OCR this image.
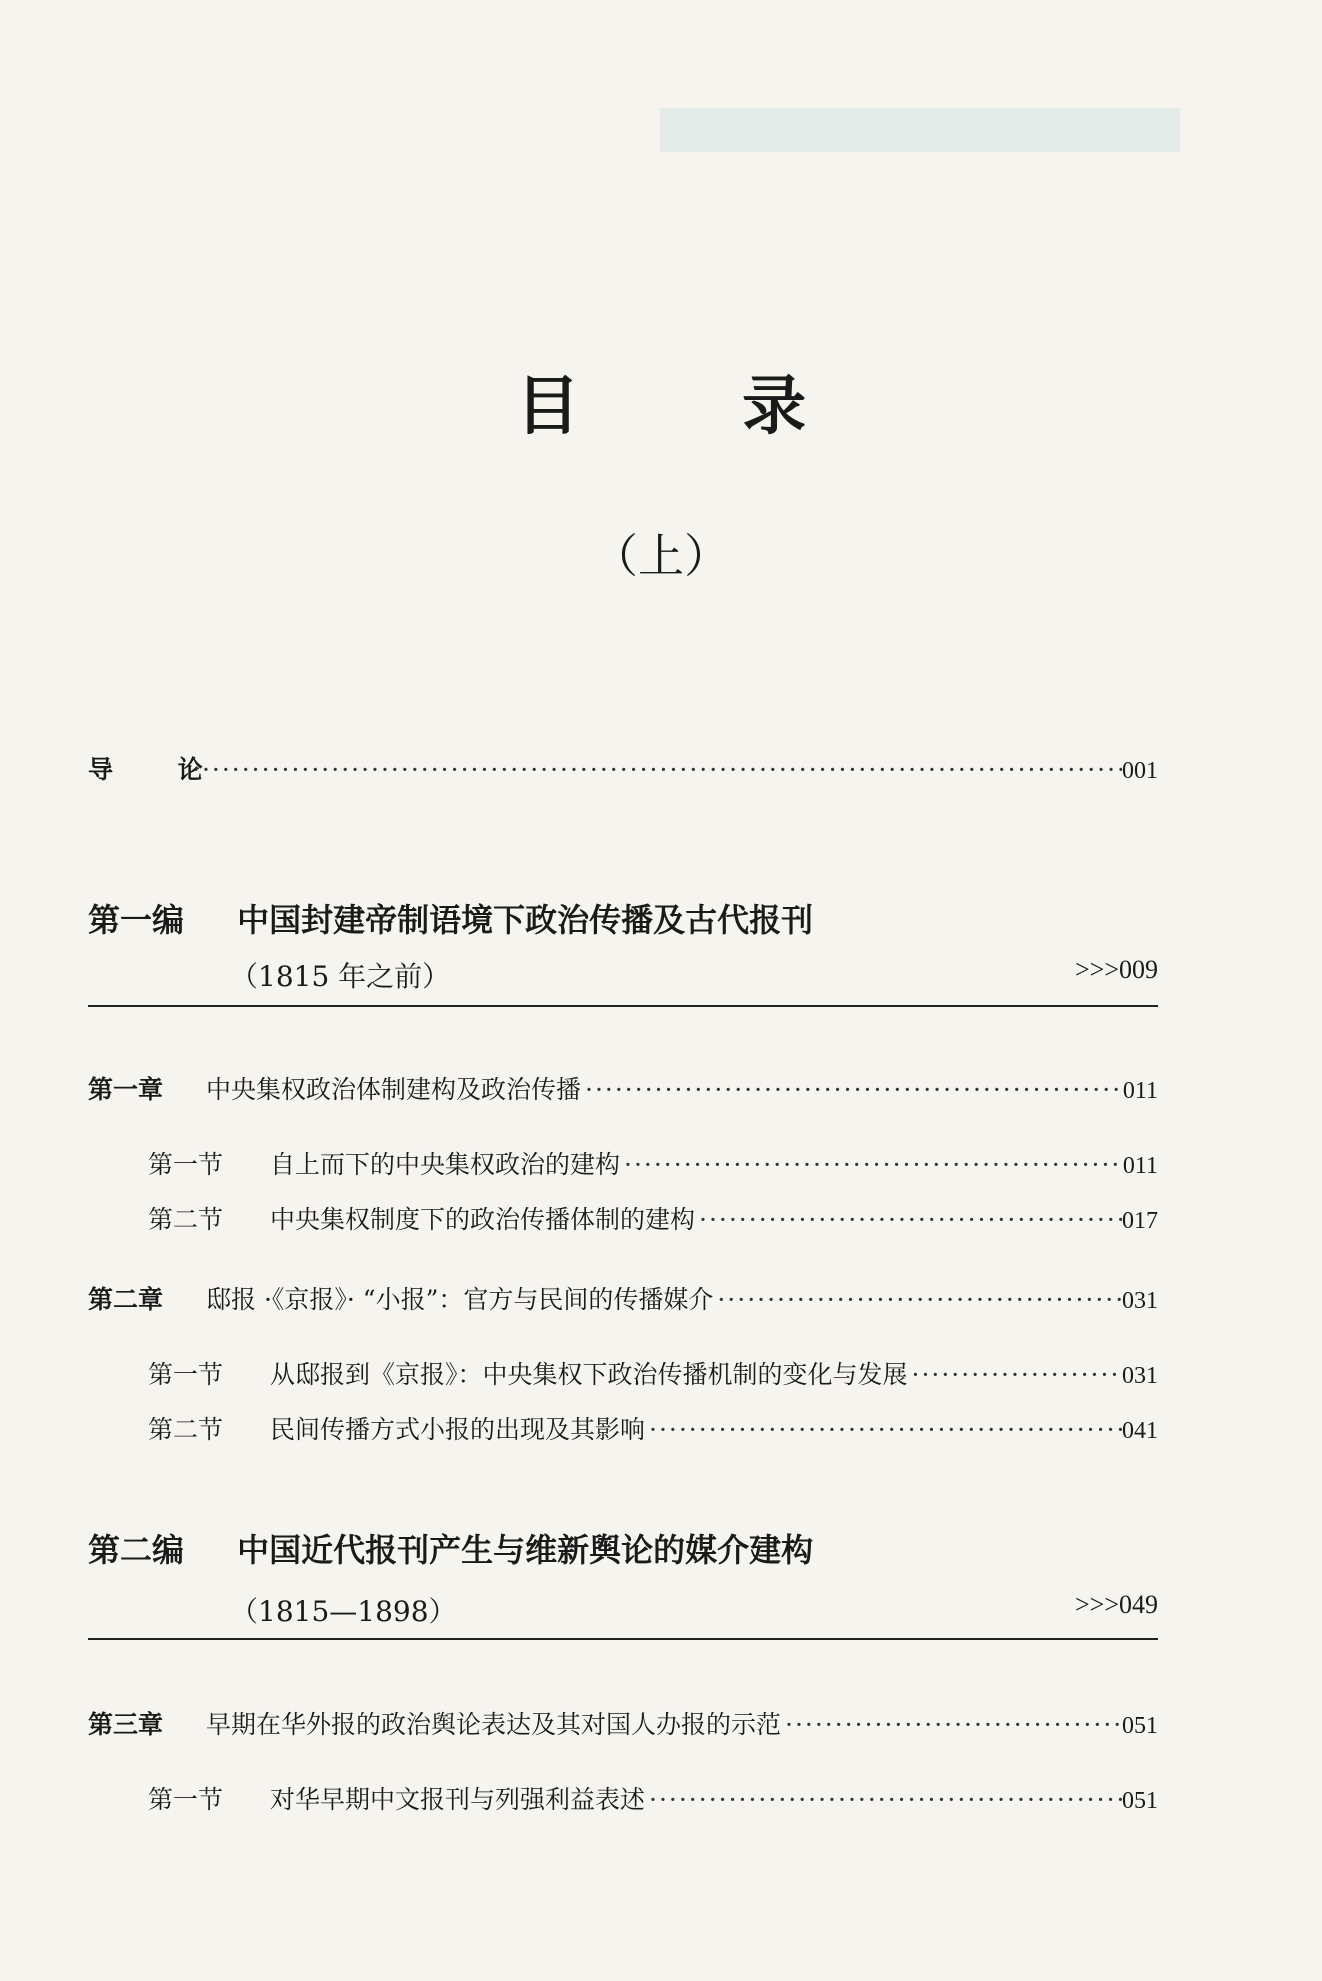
目 录
（上）
导 论 ·····	001
第一编 中国封建帝制语境下政治传播及古代报刊
（1815 年之前）	>>>009
第一章	中央集权政治体制建构及政治传播 ·····	011
第一节	自上而下的中央集权政治的建构 ·····	011
第二节	中央集权制度下的政治传播体制的建构 ·····	017
第二章	邸报 ·《京报》· “小报”：官方与民间的传播媒介 ·····	031
第一节	从邸报到《京报》：中央集权下政治传播机制的变化与发展 ·····	031
第二节	民间传播方式小报的出现及其影响 ·····	041
第二编 中国近代报刊产生与维新舆论的媒介建构
（1815—1898）	>>>049
第三章	早期在华外报的政治舆论表达及其对国人办报的示范 ·····	051
第一节	对华早期中文报刊与列强利益表述 ·····	051
